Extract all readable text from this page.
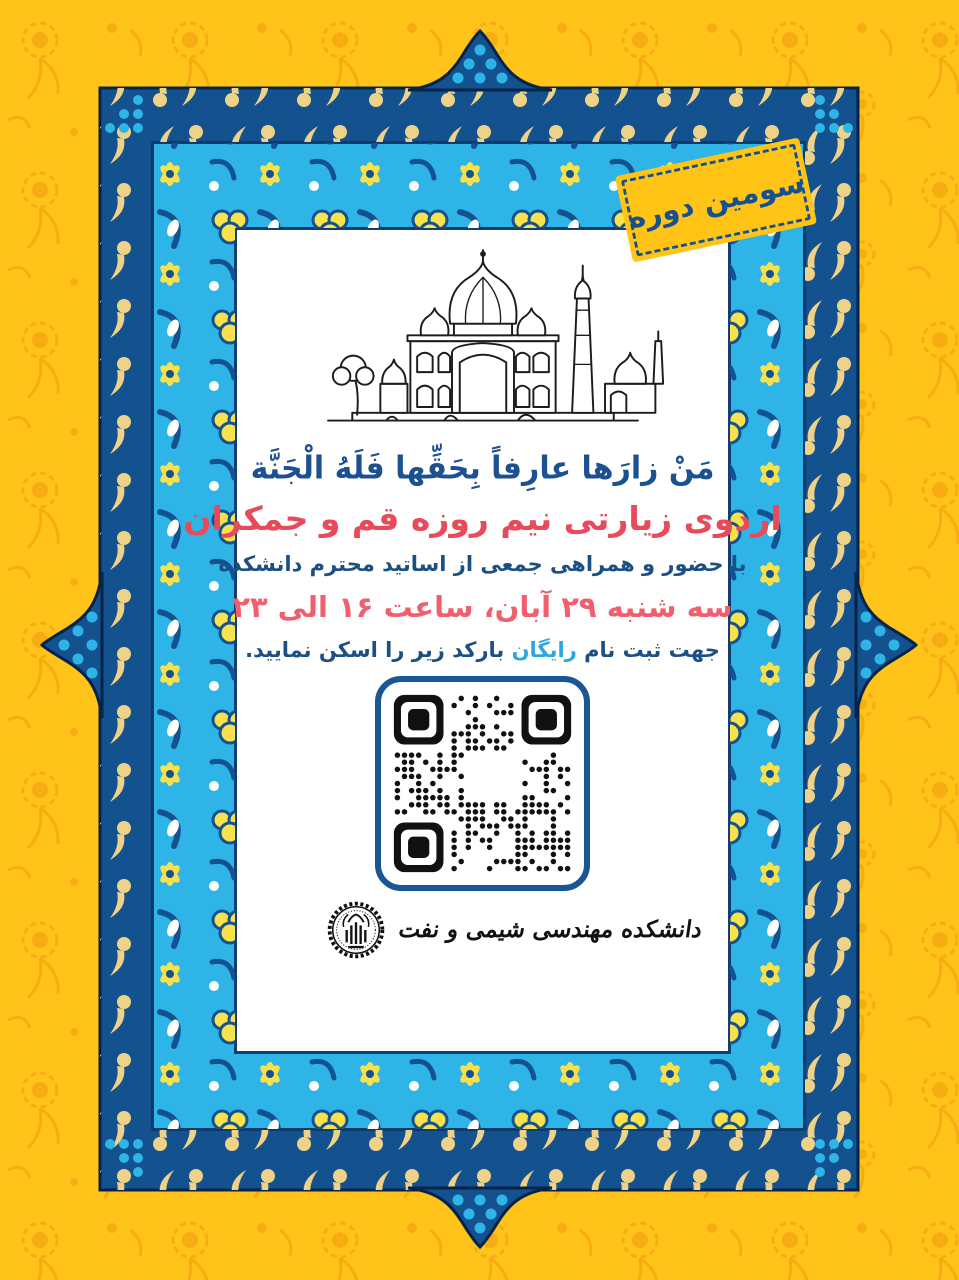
سومین دوره
مَنْ زارَها عارِفاً بِحَقِّها فَلَهُ الْجَنَّة
اردوی زیارتی نیم روزه قم و جمکران
با حضور و همراهی جمعی از اساتید محترم دانشکده
سه شنبه ۲۹ آبان، ساعت ۱۶ الی ۲۳
جهت ثبت نام رایگان بارکد زیر را اسکن نمایید.
دانشکده مهندسی شیمی و نفت
